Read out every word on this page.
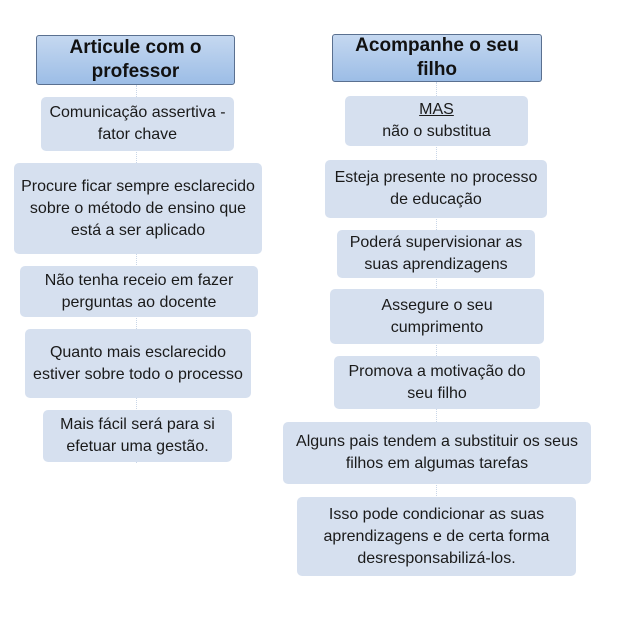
Articule com o professor
Comunicação assertiva - fator chave
Procure ficar sempre esclarecido sobre o método de ensino que está a ser aplicado
Não tenha receio em fazer perguntas ao docente
Quanto mais esclarecido estiver sobre todo o processo
Mais fácil será para si efetuar uma gestão.
Acompanhe o seu filho
MAS
não o substitua
Esteja presente no processo de educação
Poderá supervisionar as suas aprendizagens
Assegure o seu cumprimento
Promova a motivação do seu filho
Alguns pais tendem a substituir os seus filhos em algumas tarefas
Isso pode condicionar as suas aprendizagens e de certa forma desresponsabilizá-los.
